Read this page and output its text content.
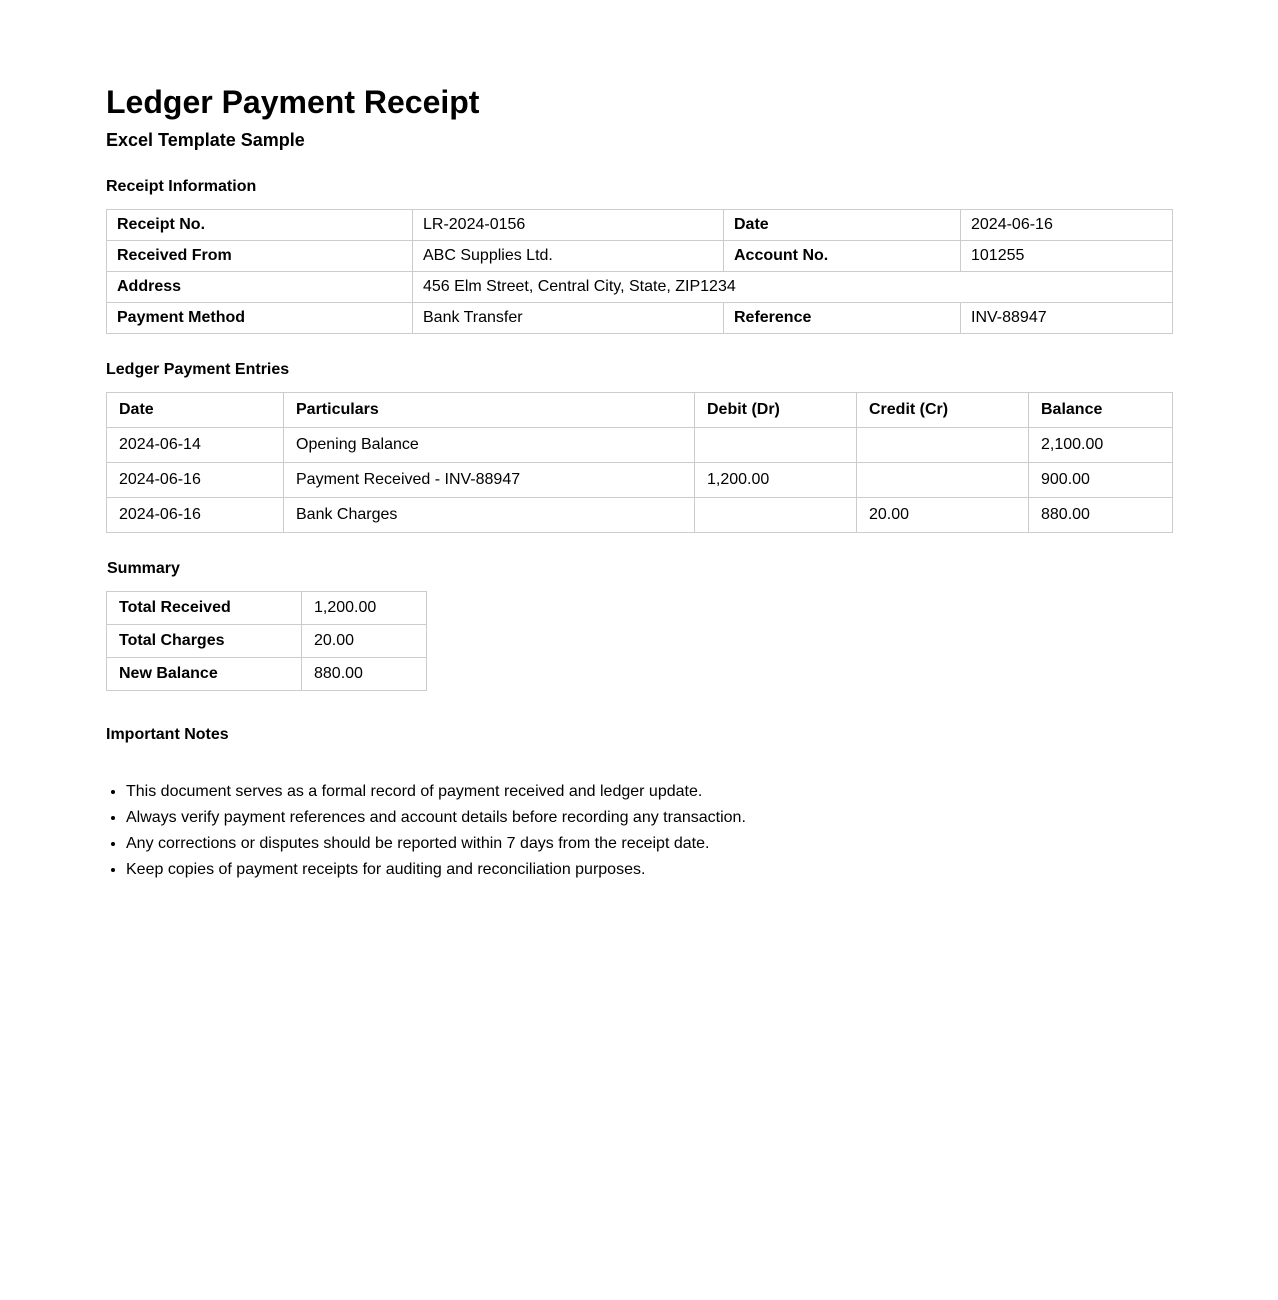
Ledger Payment Receipt
Excel Template Sample
Receipt Information
Receipt No.	LR-2024-0156	Date	2024-06-16
Received From	ABC Supplies Ltd.	Account No.	101255
Address	456 Elm Street, Central City, State, ZIP1234		
Payment Method	Bank Transfer	Reference	INV-88947
Ledger Payment Entries
Date	Particulars	Debit (Dr)	Credit (Cr)	Balance
2024-06-14	Opening Balance			2,100.00
2024-06-16	Payment Received - INV-88947	1,200.00		900.00
2024-06-16	Bank Charges		20.00	880.00
Summary
Total Received	1,200.00
Total Charges	20.00
New Balance	880.00
Important Notes
• This document serves as a formal record of payment received and ledger update.
• Always verify payment references and account details before recording any transaction.
• Any corrections or disputes should be reported within 7 days from the receipt date.
• Keep copies of payment receipts for auditing and reconciliation purposes.
